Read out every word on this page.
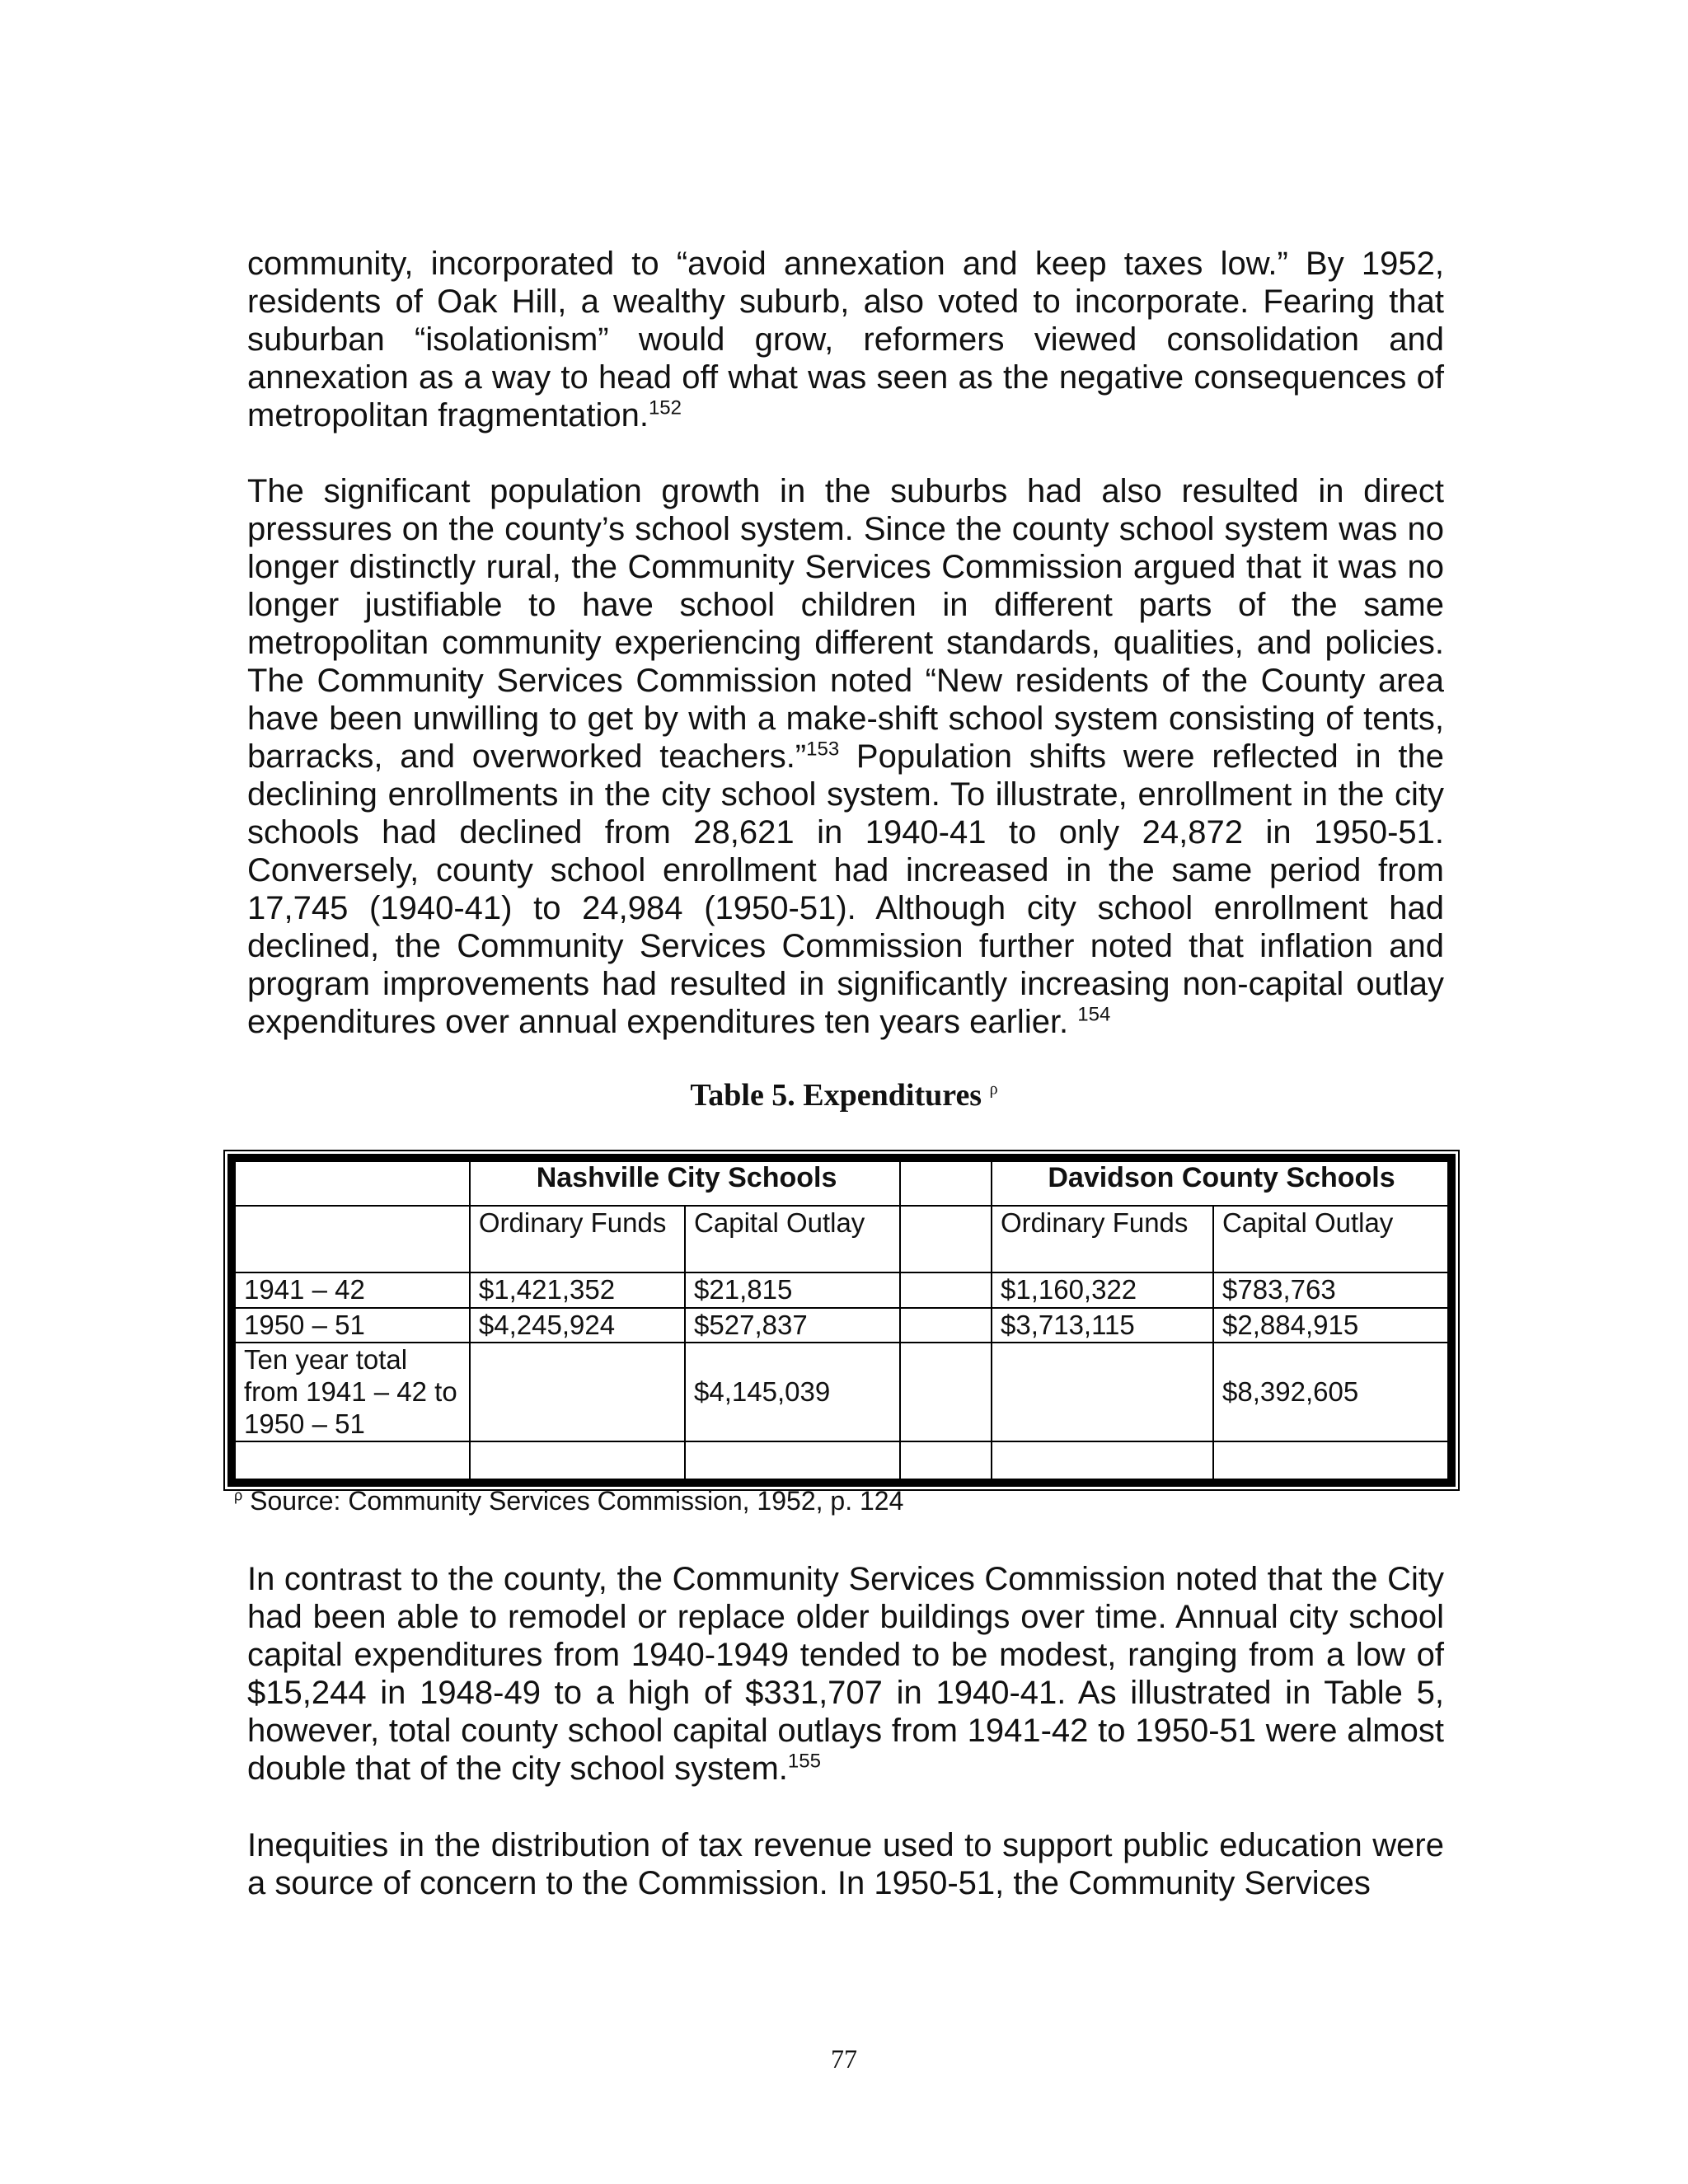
community, incorporated to “avoid annexation and keep taxes low.” By 1952, residents of Oak Hill, a wealthy suburb, also voted to incorporate. Fearing that suburban “isolationism” would grow, reformers viewed consolidation and annexation as a way to head off what was seen as the negative consequences of metropolitan fragmentation.$^{152}$

The significant population growth in the suburbs had also resulted in direct pressures on the county’s school system. Since the county school system was no longer distinctly rural, the Community Services Commission argued that it was no longer justifiable to have school children in different parts of the same metropolitan community experiencing different standards, qualities, and policies. The Community Services Commission noted “New residents of the County area have been unwilling to get by with a make-shift school system consisting of tents, barracks, and overworked teachers.”$^{153}$ Population shifts were reflected in the declining enrollments in the city school system. To illustrate, enrollment in the city schools had declined from 28,621 in 1940-41 to only 24,872 in 1950-51. Conversely, county school enrollment had increased in the same period from 17,745 (1940-41) to 24,984 (1950-51). Although city school enrollment had declined, the Community Services Commission further noted that inflation and program improvements had resulted in significantly increasing non-capital outlay expenditures over annual expenditures ten years earlier. $^{154}$

Table 5. Expenditures $^\rho$

	Nashville City Schools			Davidson County Schools	
	Ordinary Funds	Capital Outlay		Ordinary Funds	Capital Outlay
1941 – 42	$1,421,352	$21,815		$1,160,322	$783,763
1950 – 51	$4,245,924	$527,837		$3,713,115	$2,884,915
Ten year total from 1941 – 42 to 1950 – 51		$4,145,039			$8,392,605

$^\rho$ Source: Community Services Commission, 1952, p. 124

In contrast to the county, the Community Services Commission noted that the City had been able to remodel or replace older buildings over time. Annual city school capital expenditures from 1940-1949 tended to be modest, ranging from a low of $15,244 in 1948-49 to a high of $331,707 in 1940-41. As illustrated in Table 5, however, total county school capital outlays from 1941-42 to 1950-51 were almost double that of the city school system.$^{155}$

Inequities in the distribution of tax revenue used to support public education were a source of concern to the Commission. In 1950-51, the Community Services

77
